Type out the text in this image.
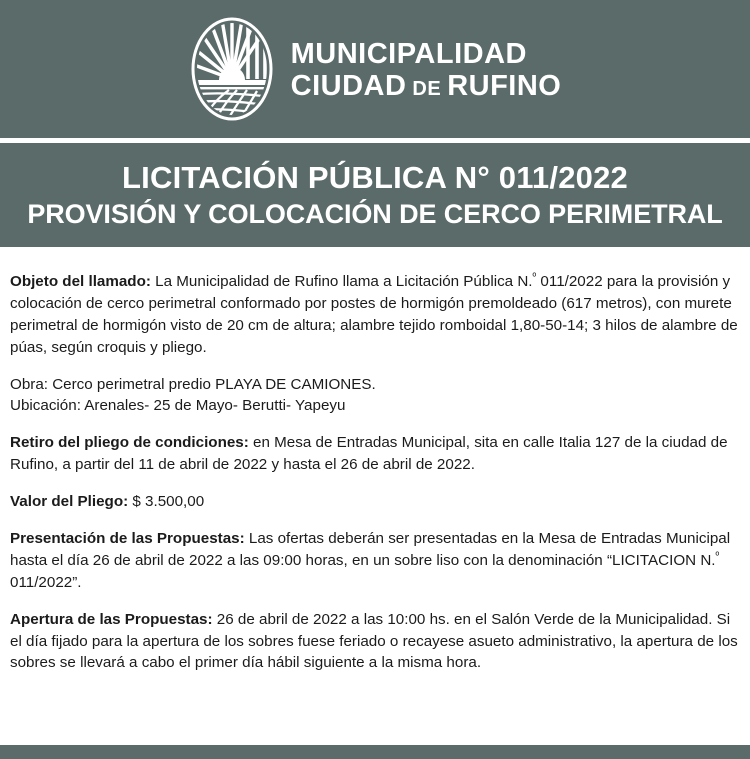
MUNICIPALIDAD
CIUDAD DE RUFINO
LICITACIÓN PÚBLICA N° 011/2022
PROVISIÓN Y COLOCACIÓN DE CERCO PERIMETRAL

Objeto del llamado: La Municipalidad de Rufino llama a Licitación Pública N.$^º$ 011/2022 para la provisión y colocación de cerco perimetral conformado por postes de hormigón premoldeado (617 metros), con murete perimetral de hormigón visto de 20 cm de altura; alambre tejido romboidal 1,80-50-14; 3 hilos de alambre de púas, según croquis y pliego.

Obra: Cerco perimetral predio PLAYA DE CAMIONES.
Ubicación: Arenales- 25 de Mayo- Berutti- Yapeyu

Retiro del pliego de condiciones: en Mesa de Entradas Municipal, sita en calle Italia 127 de la ciudad de Rufino, a partir del 11 de abril de 2022 y hasta el 26 de abril de 2022.

Valor del Pliego: $ 3.500,00

Presentación de las Propuestas: Las ofertas deberán ser presentadas en la Mesa de Entradas Municipal hasta el día 26 de abril de 2022 a las 09:00 horas, en un sobre liso con la denominación “LICITACION N.$^º$ 011/2022”.

Apertura de las Propuestas: 26 de abril de 2022 a las 10:00 hs. en el Salón Verde de la Municipalidad. Si el día fijado para la apertura de los sobres fuese feriado o recayese asueto administrativo, la apertura de los sobres se llevará a cabo el primer día hábil siguiente a la misma hora.
